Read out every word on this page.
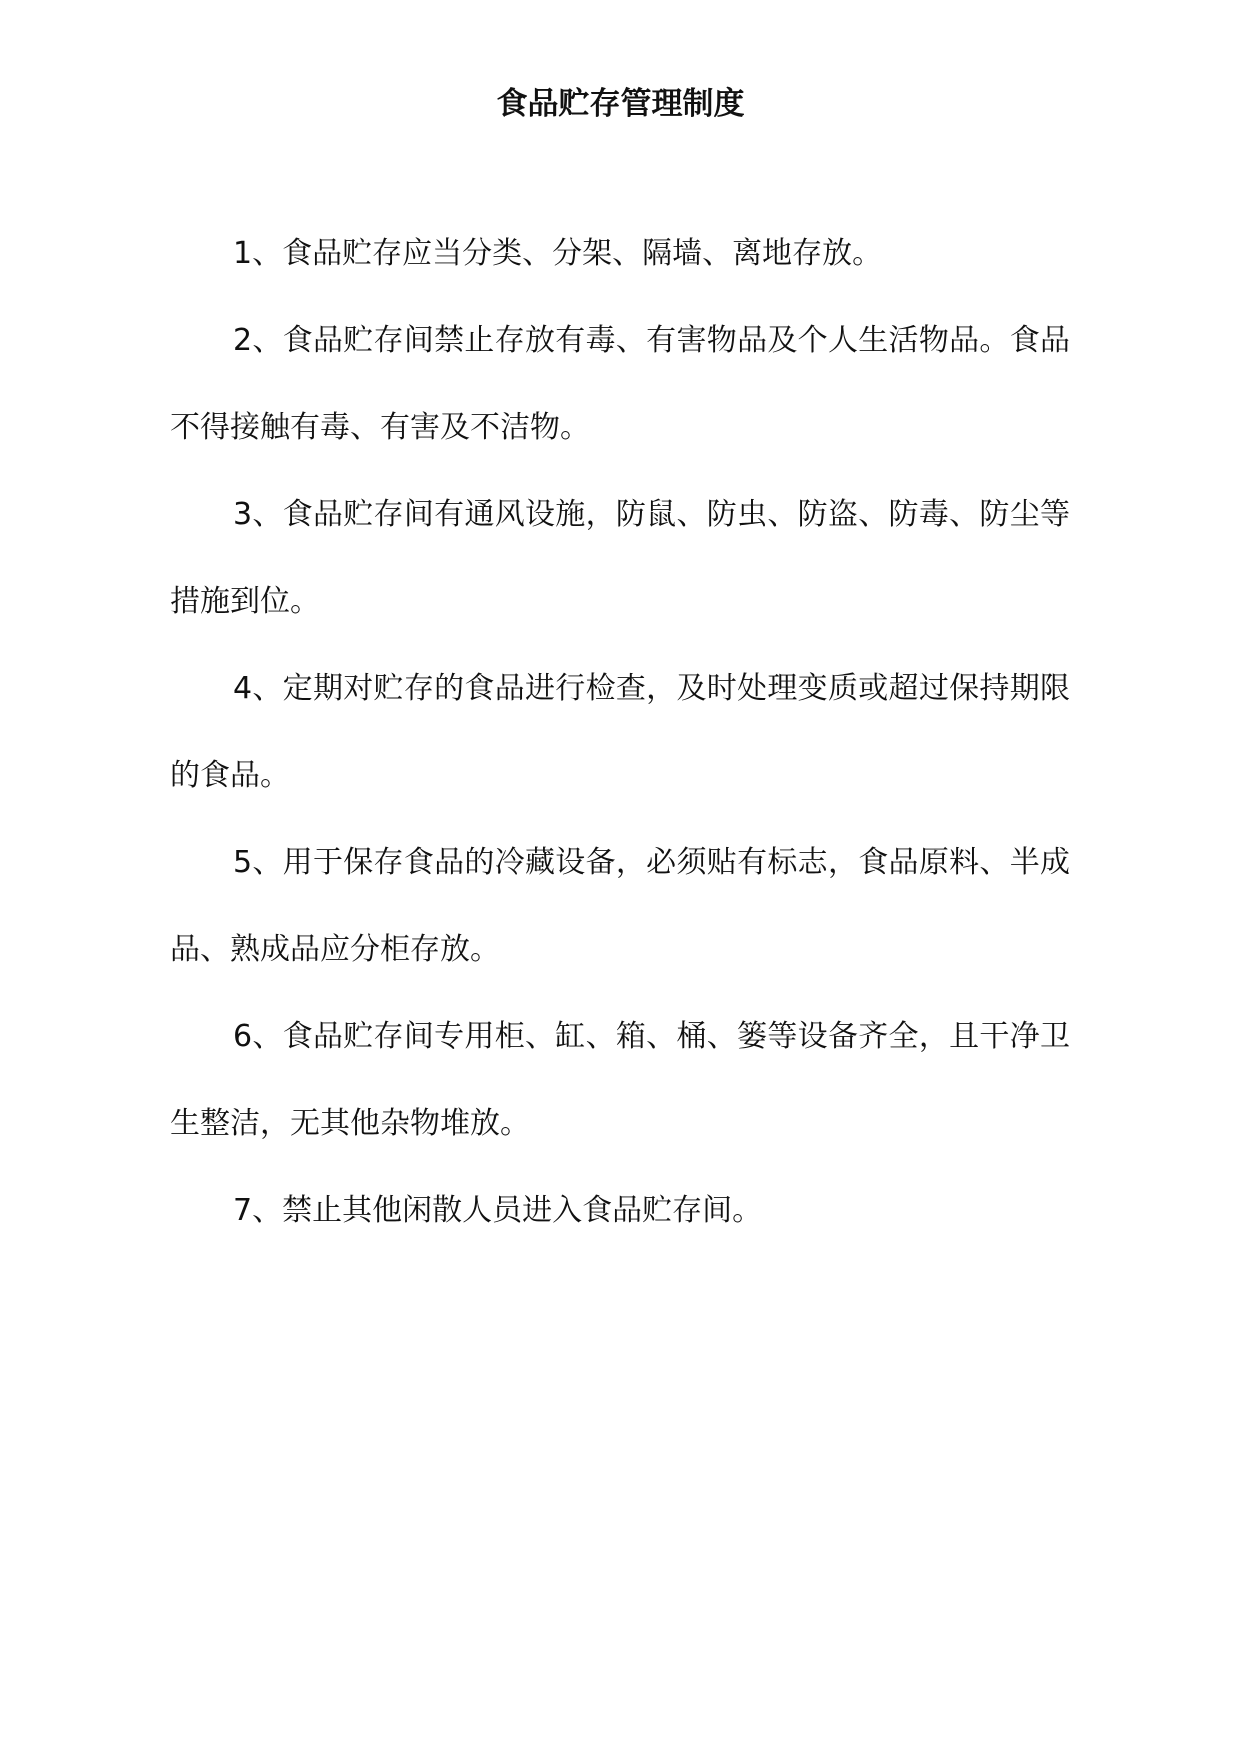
食品贮存管理制度

1、食品贮存应当分类、分架、隔墙、离地存放。

2、食品贮存间禁止存放有毒、有害物品及个人生活物品。食品不得接触有毒、有害及不洁物。

3、食品贮存间有通风设施，防鼠、防虫、防盗、防毒、防尘等措施到位。

4、定期对贮存的食品进行检查，及时处理变质或超过保持期限的食品。

5、用于保存食品的冷藏设备，必须贴有标志，食品原料、半成品、熟成品应分柜存放。

6、食品贮存间专用柜、缸、箱、桶、篓等设备齐全，且干净卫生整洁，无其他杂物堆放。

7、禁止其他闲散人员进入食品贮存间。
